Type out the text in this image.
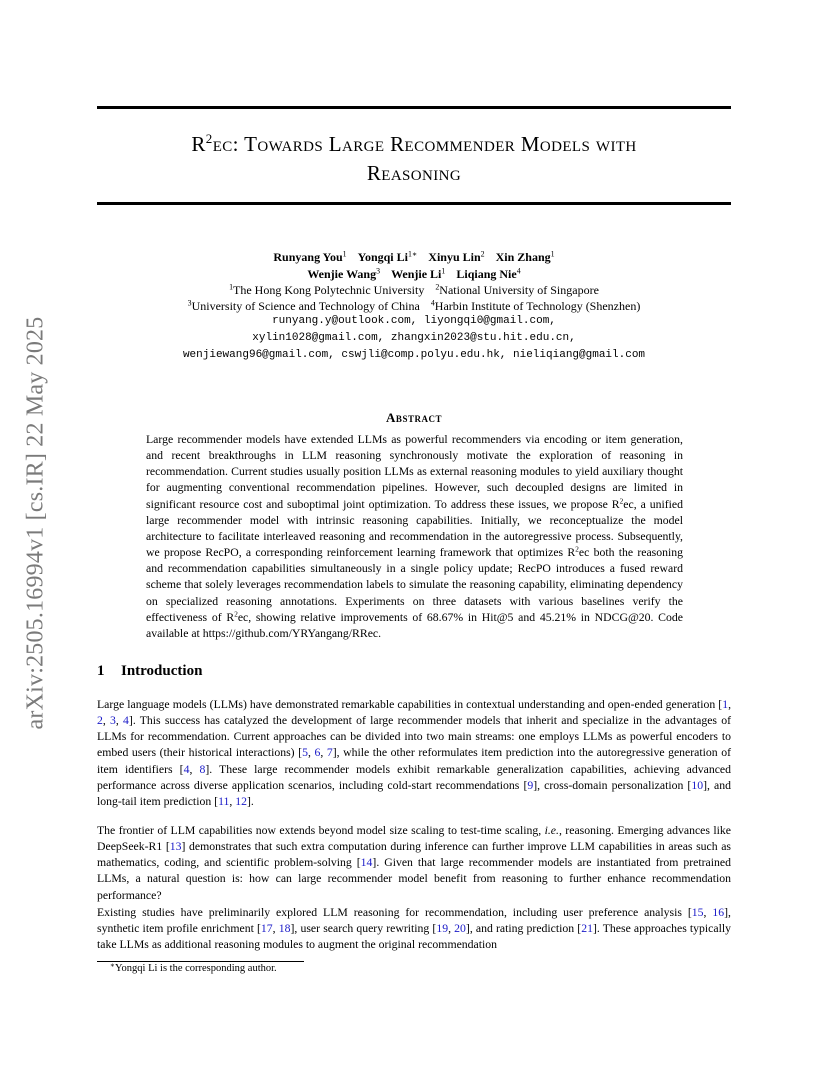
arXiv:2505.16994v1 [cs.IR] 22 May 2025
$R^2ec$: Towards Large Recommender Models with
Reasoning
Runyang You$^1$ Yongqi $Li^{1∗}$ Xinyu Lin$^2$ Xin Zhang$^1$
Wenjie Wang$^3$ Wenjie Li$^1$ Liqiang Nie$^4$
$^1$The Hong Kong Polytechnic University $^2$National University of Singapore
$^3$University of Science and Technology of China $^4$Harbin Institute of Technology (Shenzhen)
runyang.y@outlook.com, liyongqi0@gmail.com,
xylin1028@gmail.com, zhangxin2023@stu.hit.edu.cn,
wenjiewang96@gmail.com, cswjli@comp.polyu.edu.hk, nieliqiang@gmail.com
Abstract
Large recommender models have extended LLMs as powerful recommenders via encoding or item generation, and recent breakthroughs in LLM reasoning synchronously motivate the exploration of reasoning in recommendation. Current studies usually position LLMs as external reasoning modules to yield auxiliary thought for augmenting conventional recommendation pipelines. However, such decoupled designs are limited in significant resource cost and suboptimal joint optimization. To address these issues, we propose $R^2ec$, a unified large recommender model with intrinsic reasoning capabilities. Initially, we reconceptualize the model architecture to facilitate interleaved reasoning and recommendation in the autoregressive process. Subsequently, we propose RecPO, a corresponding reinforcement learning framework that optimizes $R^2ec$ both the reasoning and recommendation capabilities simultaneously in a single policy update; RecPO introduces a fused reward scheme that solely leverages recommendation labels to simulate the reasoning capability, eliminating dependency on specialized reasoning annotations. Experiments on three datasets with various baselines verify the effectiveness of $R^2ec$, showing relative improvements of 68.67% in Hit@5 and 45.21% in NDCG@20. Code available at https://github.com/YRYangang/RRec.
1 Introduction
Large language models (LLMs) have demonstrated remarkable capabilities in contextual understanding and open-ended generation [1, 2, 3, 4]. This success has catalyzed the development of large recommender models that inherit and specialize in the advantages of LLMs for recommendation. Current approaches can be divided into two main streams: one employs LLMs as powerful encoders to embed users (their historical interactions) [5, 6, 7], while the other reformulates item prediction into the autoregressive generation of item identifiers [4, 8]. These large recommender models exhibit remarkable generalization capabilities, achieving advanced performance across diverse application scenarios, including cold-start recommendations [9], cross-domain personalization [10], and long-tail item prediction [11, 12].
The frontier of LLM capabilities now extends beyond model size scaling to test-time scaling, i.e., reasoning. Emerging advances like DeepSeek-R1 [13] demonstrates that such extra computation during inference can further improve LLM capabilities in areas such as mathematics, coding, and scientific problem-solving [14]. Given that large recommender models are instantiated from pretrained LLMs, a natural question is: how can large recommender model benefit from reasoning to further enhance recommendation performance?
Existing studies have preliminarily explored LLM reasoning for recommendation, including user preference analysis [15, 16], synthetic item profile enrichment [17, 18], user search query rewriting [19, 20], and rating prediction [21]. These approaches typically take LLMs as additional reasoning modules to augment the original recommendation
∗Yongqi Li is the corresponding author.
